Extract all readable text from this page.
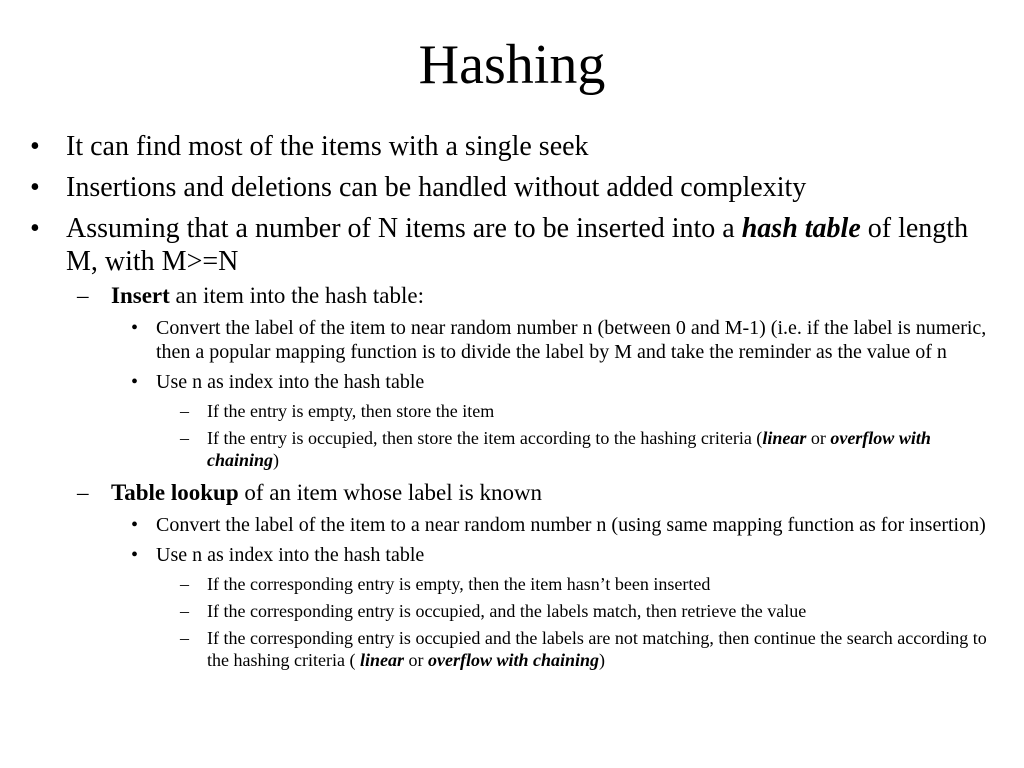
Hashing
• It can find most of the items with a single seek
• Insertions and deletions can be handled without added complexity
• Assuming that a number of N items are to be inserted into a hash table of length M, with M>=N
– Insert an item into the hash table:
• Convert the label of the item to near random number n (between 0 and M-1) (i.e. if the label is numeric, then a popular mapping function is to divide the label by M and take the reminder as the value of n
• Use n as index into the hash table
– If the entry is empty, then store the item
– If the entry is occupied, then store the item according to the hashing criteria (linear or overflow with chaining)
– Table lookup of an item whose label is known
• Convert the label of the item to a near random number n (using same mapping function as for insertion)
• Use n as index into the hash table
– If the corresponding entry is empty, then the item hasn’t been inserted
– If the corresponding entry is occupied, and the labels match, then retrieve the value
– If the corresponding entry is occupied and the labels are not matching, then continue the search according to the hashing criteria ( linear or overflow with chaining)
